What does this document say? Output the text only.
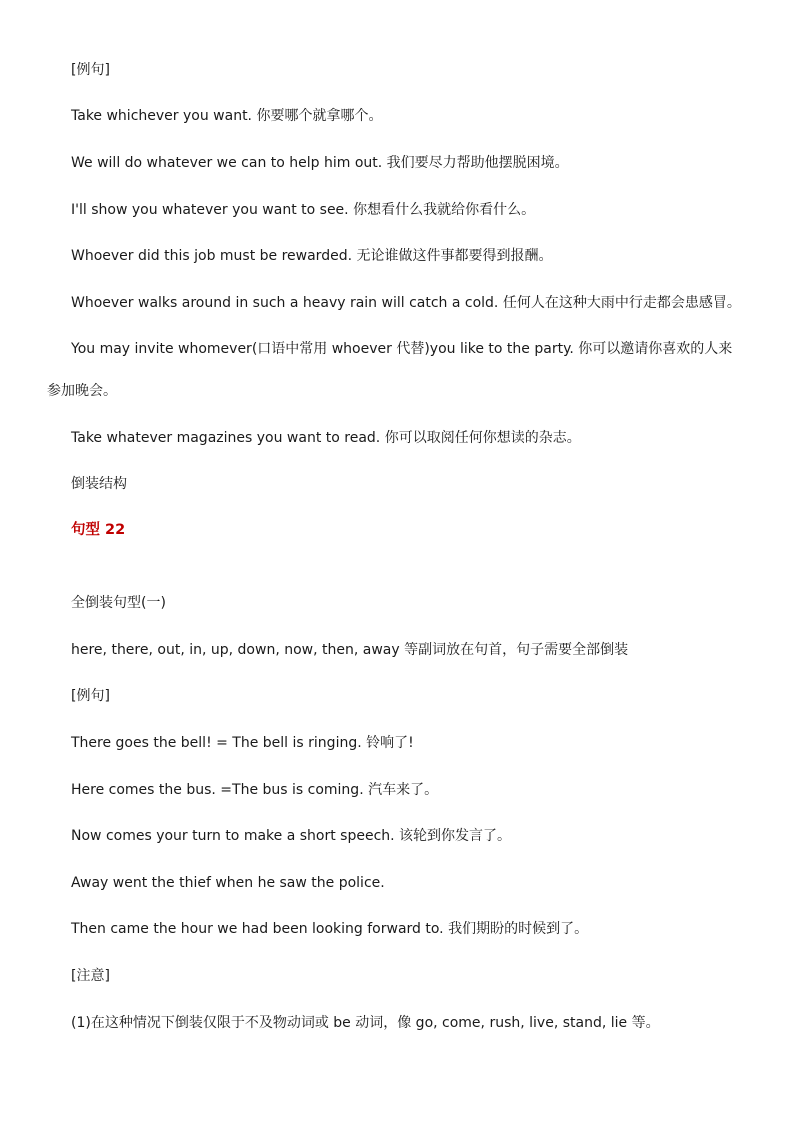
[例句]
Take whichever you want. 你要哪个就拿哪个。
We will do whatever we can to help him out. 我们要尽力帮助他摆脱困境。
I'll show you whatever you want to see. 你想看什么我就给你看什么。
Whoever did this job must be rewarded. 无论谁做这件事都要得到报酬。
Whoever walks around in such a heavy rain will catch a cold. 任何人在这种大雨中行走都会患感冒。
You may invite whomever(口语中常用 whoever 代替)you like to the party. 你可以邀请你喜欢的人来
参加晚会。
Take whatever magazines you want to read. 你可以取阅任何你想读的杂志。
倒装结构
句型 22
全倒装句型(一)
here, there, out, in, up, down, now, then, away 等副词放在句首，句子需要全部倒装
[例句]
There goes the bell! = The bell is ringing. 铃响了!
Here comes the bus. =The bus is coming. 汽车来了。
Now comes your turn to make a short speech. 该轮到你发言了。
Away went the thief when he saw the police.
Then came the hour we had been looking forward to. 我们期盼的时候到了。
[注意]
(1)在这种情况下倒装仅限于不及物动词或 be 动词，像 go, come, rush, live, stand, lie 等。
